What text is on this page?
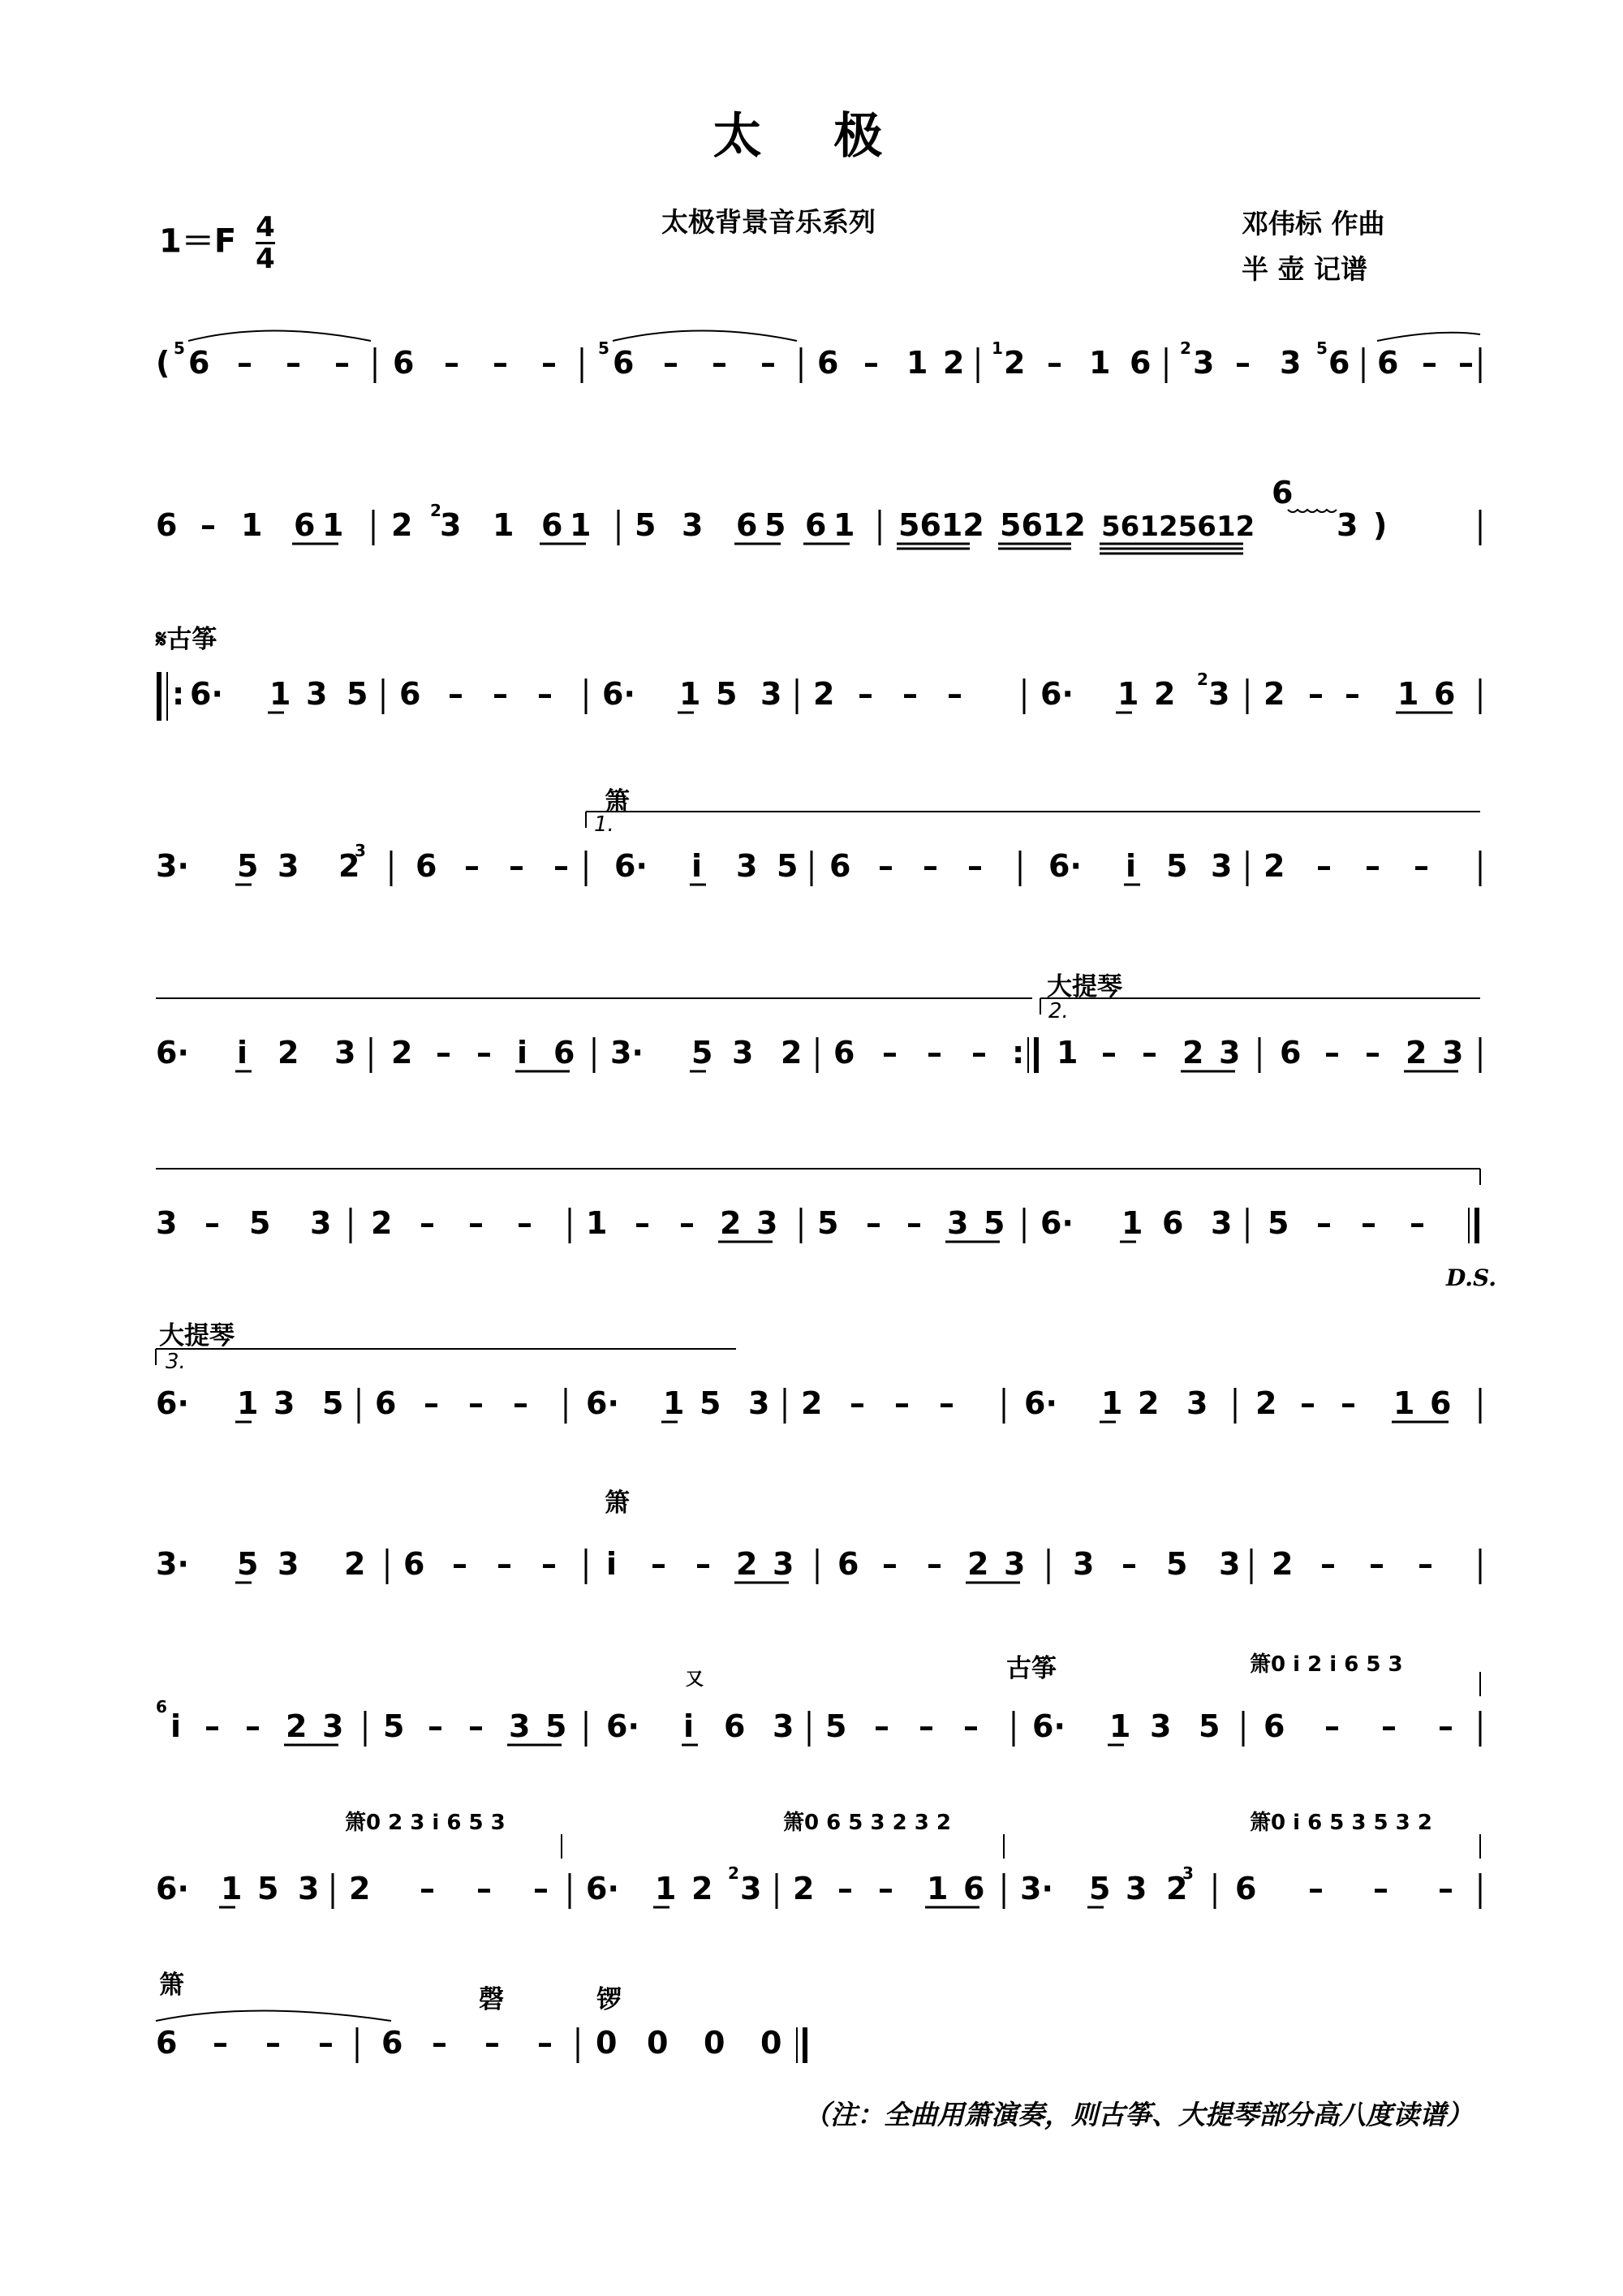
太 极
$1=F \frac{4}{4}$	太极背景音乐系列	邓伟标 作曲
半 壶 记谱
( 5 6 – – – 6 – – –	5 6 – – – 6 – 1 2 1 2 – 1 6 2 3 – 3 5 6 6 – –
6 – 1 6 1 2 2
3 1 6 1 5 3 6 5 6 1 5612 5612 56125612
6
3 )
𝄋古筝
: 6· 1 3 5 6 – – – 6· 1 5 3 2 – – –	6· 1 2 2 3 2 – – 1 6
箫
1.
3· 5 3 2
3 6 – – – 6· i 3 5 6 – – – 6· i 5 3 2 – – –
大提琴
2.
6· i 2 3 2 – – i 6 3· 5 3 2 6 – – – : 1 – – 2 3 6 – – 2 3
3 – 5 3 2 – – – 1 – – 2 3 5 – – 3 5 6· 1 6 3 5 – – –
D.S.
大提琴
3.
6· 1 3 5 6 – – – 6· 1 5 3 2 – – – 6· 1 2 3 2 – – 1 6
箫
3· 5 3 2 6 – – – i – – 2 3 6 – – 2 3 3 – 5 3 2 – – –
古筝	箫0 i 2 i 6 5 3
又
6
i – – 2 3 5 – – 3 5 6· i 6 3 5 – – – 6· 1 3 5 6 – – –
箫0 2 3 i 6 5 3	箫0 6 5 3 2 3 2	箫0 i 6 5 3 5 3 2
6· 1 5 3 2 – – – 6· 1 2 2 3 2 – – 1 6 3· 5 3 2
3 6 – – –
箫	磬	锣
6 – – – 6 – – – 0 0 0 0
（注：全曲用箫演奏，则古筝、大提琴部分高八度读谱）
